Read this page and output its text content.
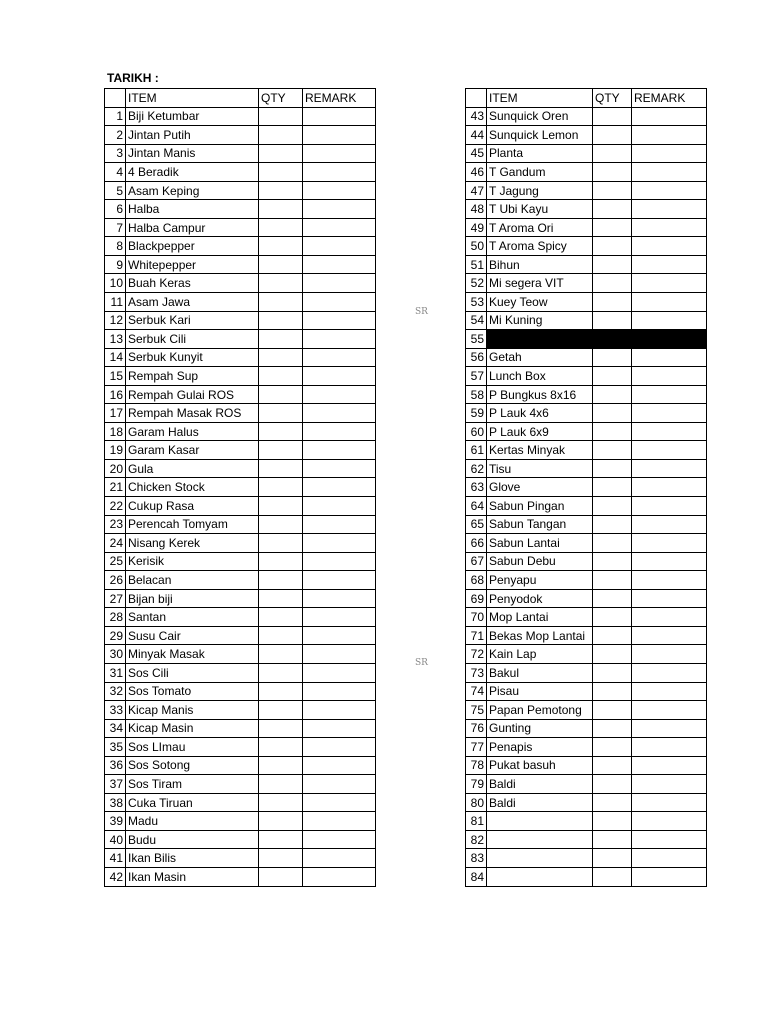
TARIKH :
	ITEM	QTY	REMARK
1	Biji Ketumbar		
2	Jintan Putih		
3	Jintan Manis		
4	4 Beradik		
5	Asam Keping		
6	Halba		
7	Halba Campur		
8	Blackpepper		
9	Whitepepper		
10	Buah Keras		
11	Asam Jawa		
12	Serbuk Kari		
13	Serbuk Cili		
14	Serbuk Kunyit		
15	Rempah Sup		
16	Rempah Gulai ROS		
17	Rempah Masak ROS		
18	Garam Halus		
19	Garam Kasar		
20	Gula		
21	Chicken Stock		
22	Cukup Rasa		
23	Perencah Tomyam		
24	Nisang Kerek		
25	Kerisik		
26	Belacan		
27	Bijan biji		
28	Santan		
29	Susu Cair		
30	Minyak Masak		
31	Sos Cili		
32	Sos Tomato		
33	Kicap Manis		
34	Kicap Masin		
35	Sos LImau		
36	Sos Sotong		
37	Sos Tiram		
38	Cuka Tiruan		
39	Madu		
40	Budu		
41	Ikan Bilis		
42	Ikan Masin		
SR
SR
	ITEM	QTY	REMARK
43	Sunquick Oren		
44	Sunquick Lemon		
45	Planta		
46	T Gandum		
47	T Jagung		
48	T Ubi Kayu		
49	T Aroma Ori		
50	T Aroma Spicy		
51	Bihun		
52	Mi segera VIT		
53	Kuey Teow		
54	Mi Kuning		
55			
56	Getah		
57	Lunch Box		
58	P Bungkus 8x16		
59	P Lauk 4x6		
60	P Lauk 6x9		
61	Kertas Minyak		
62	Tisu		
63	Glove		
64	Sabun Pingan		
65	Sabun Tangan		
66	Sabun Lantai		
67	Sabun Debu		
68	Penyapu		
69	Penyodok		
70	Mop Lantai		
71	Bekas Mop Lantai		
72	Kain Lap		
73	Bakul		
74	Pisau		
75	Papan Pemotong		
76	Gunting		
77	Penapis		
78	Pukat basuh		
79	Baldi		
80	Baldi		
81			
82			
83			
84			
